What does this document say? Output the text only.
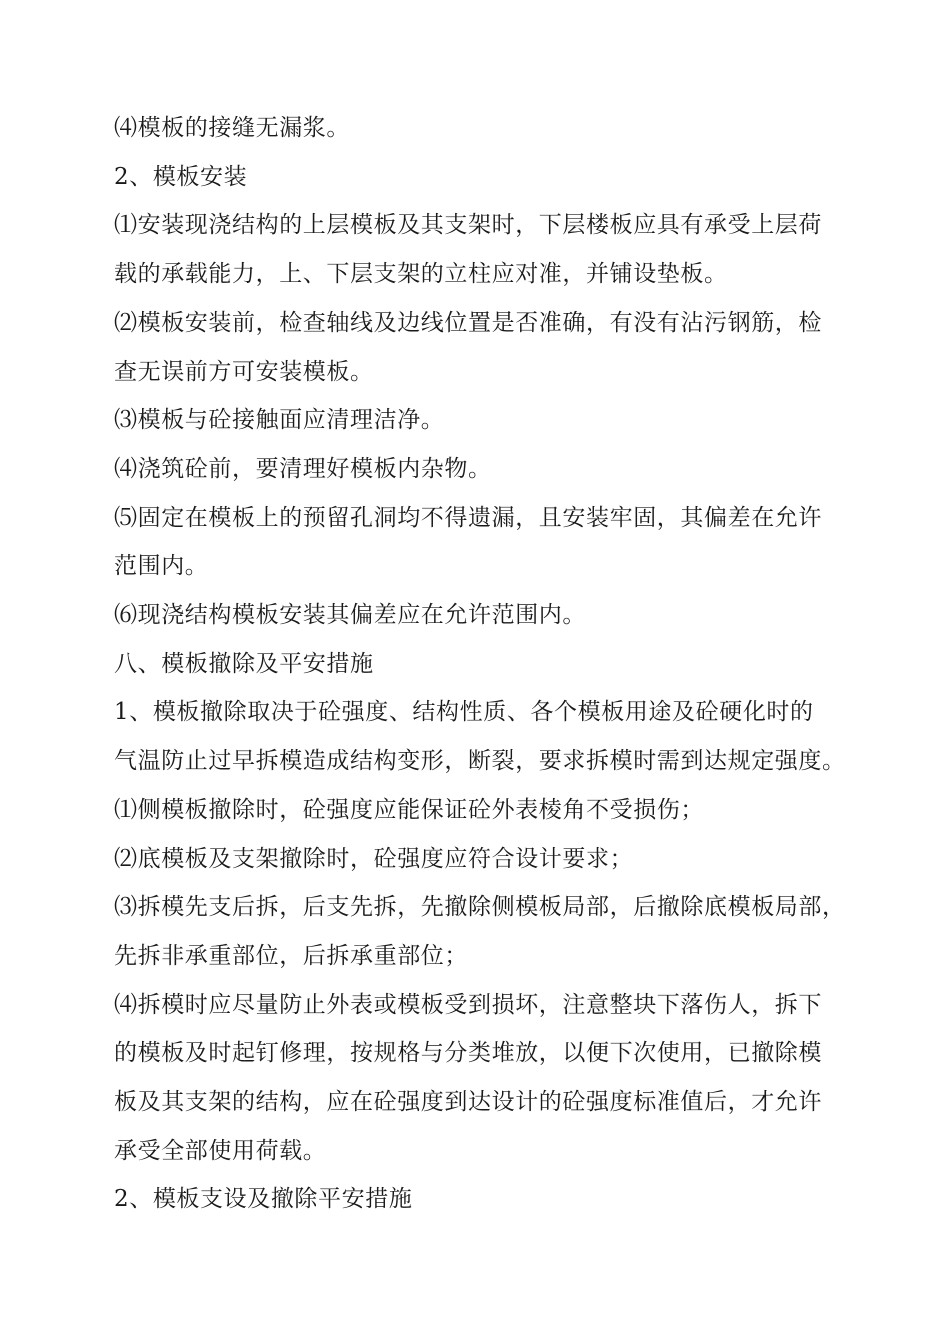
⑷模板的接缝无漏浆。
2、模板安装
⑴安装现浇结构的上层模板及其支架时，下层楼板应具有承受上层荷
载的承载能力，上、下层支架的立柱应对准，并铺设垫板。
⑵模板安装前，检查轴线及边线位置是否准确，有没有沾污钢筋，检
查无误前方可安装模板。
⑶模板与砼接触面应清理洁净。
⑷浇筑砼前，要清理好模板内杂物。
⑸固定在模板上的预留孔洞均不得遗漏，且安装牢固，其偏差在允许
范围内。
⑹现浇结构模板安装其偏差应在允许范围内。
八、模板撤除及平安措施
1、模板撤除取决于砼强度、结构性质、各个模板用途及砼硬化时的
气温防止过早拆模造成结构变形，断裂，要求拆模时需到达规定强度。
⑴侧模板撤除时，砼强度应能保证砼外表棱角不受损伤；
⑵底模板及支架撤除时，砼强度应符合设计要求；
⑶拆模先支后拆，后支先拆，先撤除侧模板局部，后撤除底模板局部，
先拆非承重部位，后拆承重部位；
⑷拆模时应尽量防止外表或模板受到损坏，注意整块下落伤人，拆下
的模板及时起钉修理，按规格与分类堆放，以便下次使用，已撤除模
板及其支架的结构，应在砼强度到达设计的砼强度标准值后，才允许
承受全部使用荷载。
2、模板支设及撤除平安措施
